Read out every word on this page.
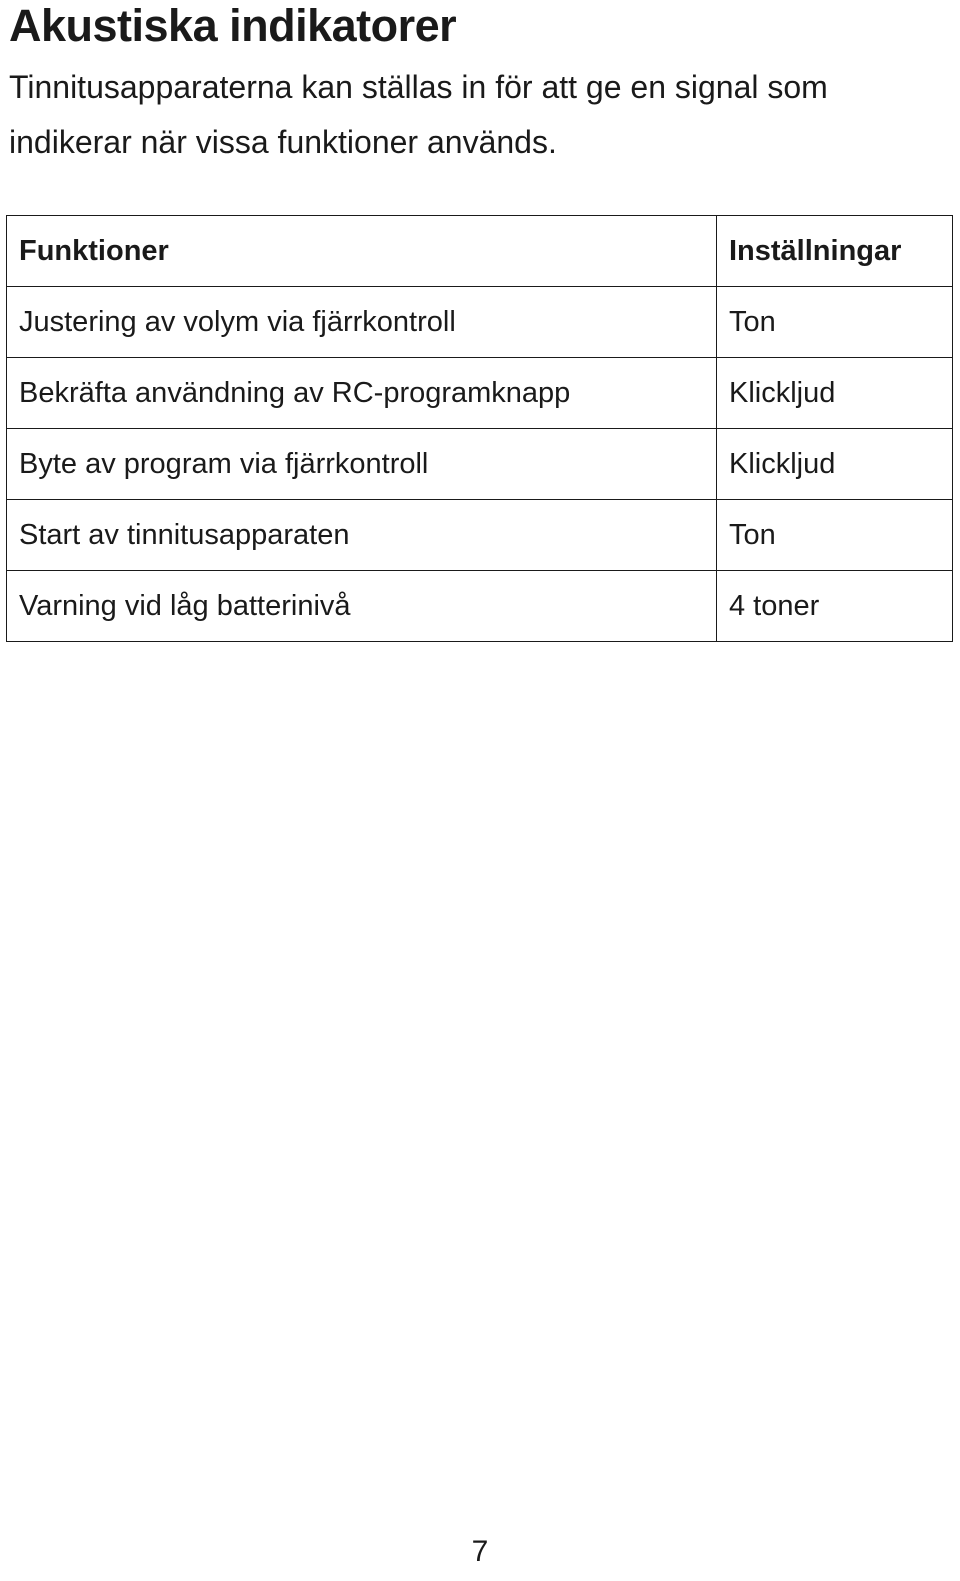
Akustiska indikatorer

Tinnitusapparaterna kan ställas in för att ge en signal som indikerar när vissa funktioner används.

Funktioner	Inställningar
Justering av volym via fjärrkontroll	Ton
Bekräfta användning av RC-programknapp	Klickljud
Byte av program via fjärrkontroll	Klickljud
Start av tinnitusapparaten	Ton
Varning vid låg batterinivå	4 toner
7
